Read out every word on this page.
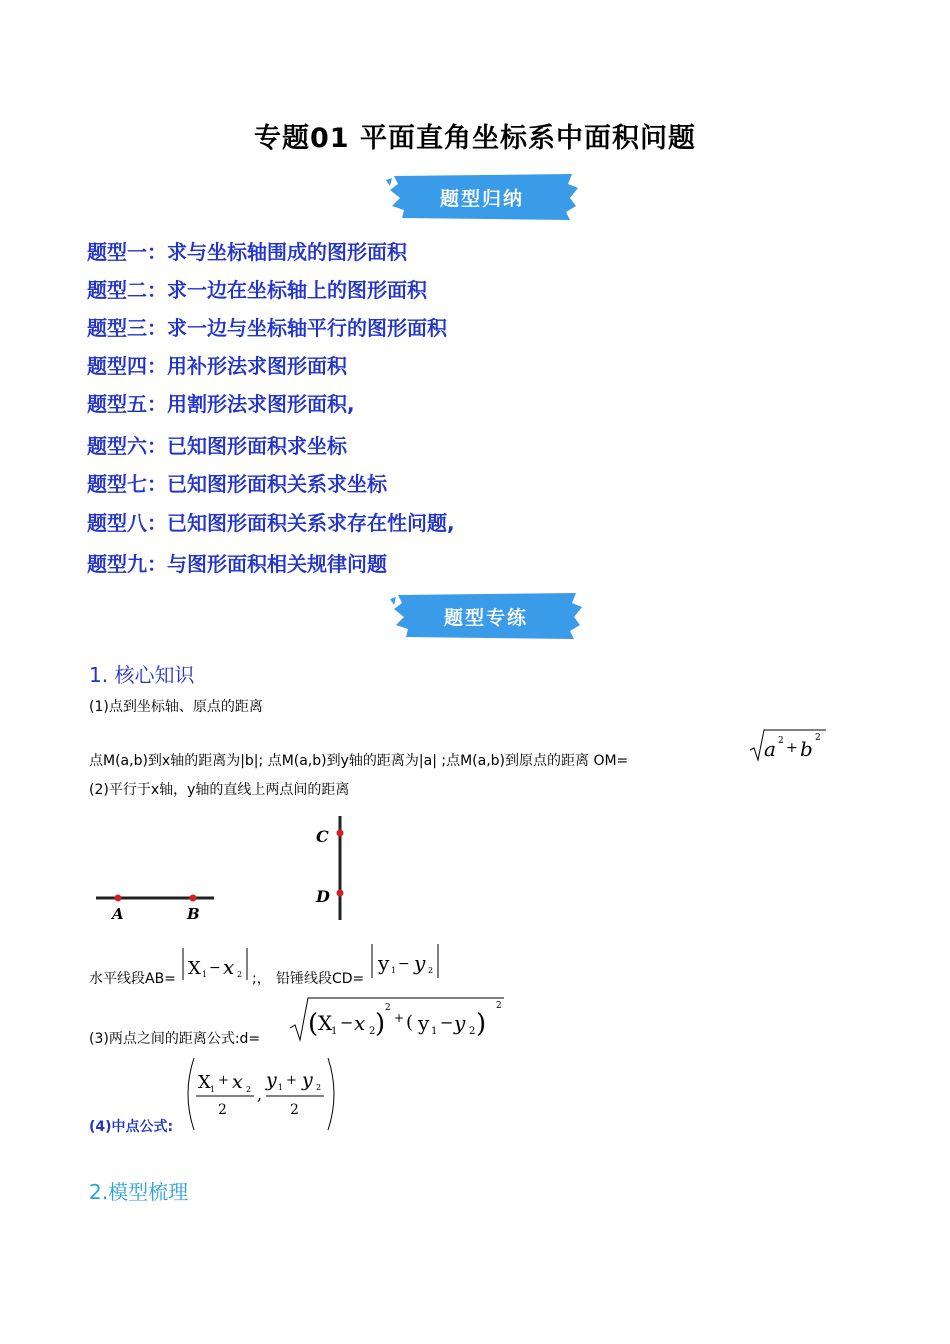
专题01 平面直角坐标系中面积问题
题型归纳
题型一：求与坐标轴围成的图形面积
题型二：求一边在坐标轴上的图形面积
题型三：求一边与坐标轴平行的图形面积
题型四：用补形法求图形面积
题型五：用割形法求图形面积,
题型六：已知图形面积求坐标
题型七：已知图形面积关系求坐标
题型八：已知图形面积关系求存在性问题,
题型九：与图形面积相关规律问题
题型专练
1. 核心知识
(1)点到坐标轴、原点的距离
点M(a,b)到x轴的距离为|b|; 点M(a,b)到y轴的距离为|a| ;点M(a,b)到原点的距离 OM=	a 2 + b 2
(2)平行于x轴，y轴的直线上两点间的距离
A	B
C
D
水平线段AB= X 1 − x 2 ;， 铅锤线段CD=
y 1 − y 2
(3)两点之间的距离公式:d= ( X
1 − x 2 )
2
+ ( y 1 − y 2 )
2
(4)中点公式:
X 1
+ x 2
2
,
y 1 + y 2
2
2.模型梳理
